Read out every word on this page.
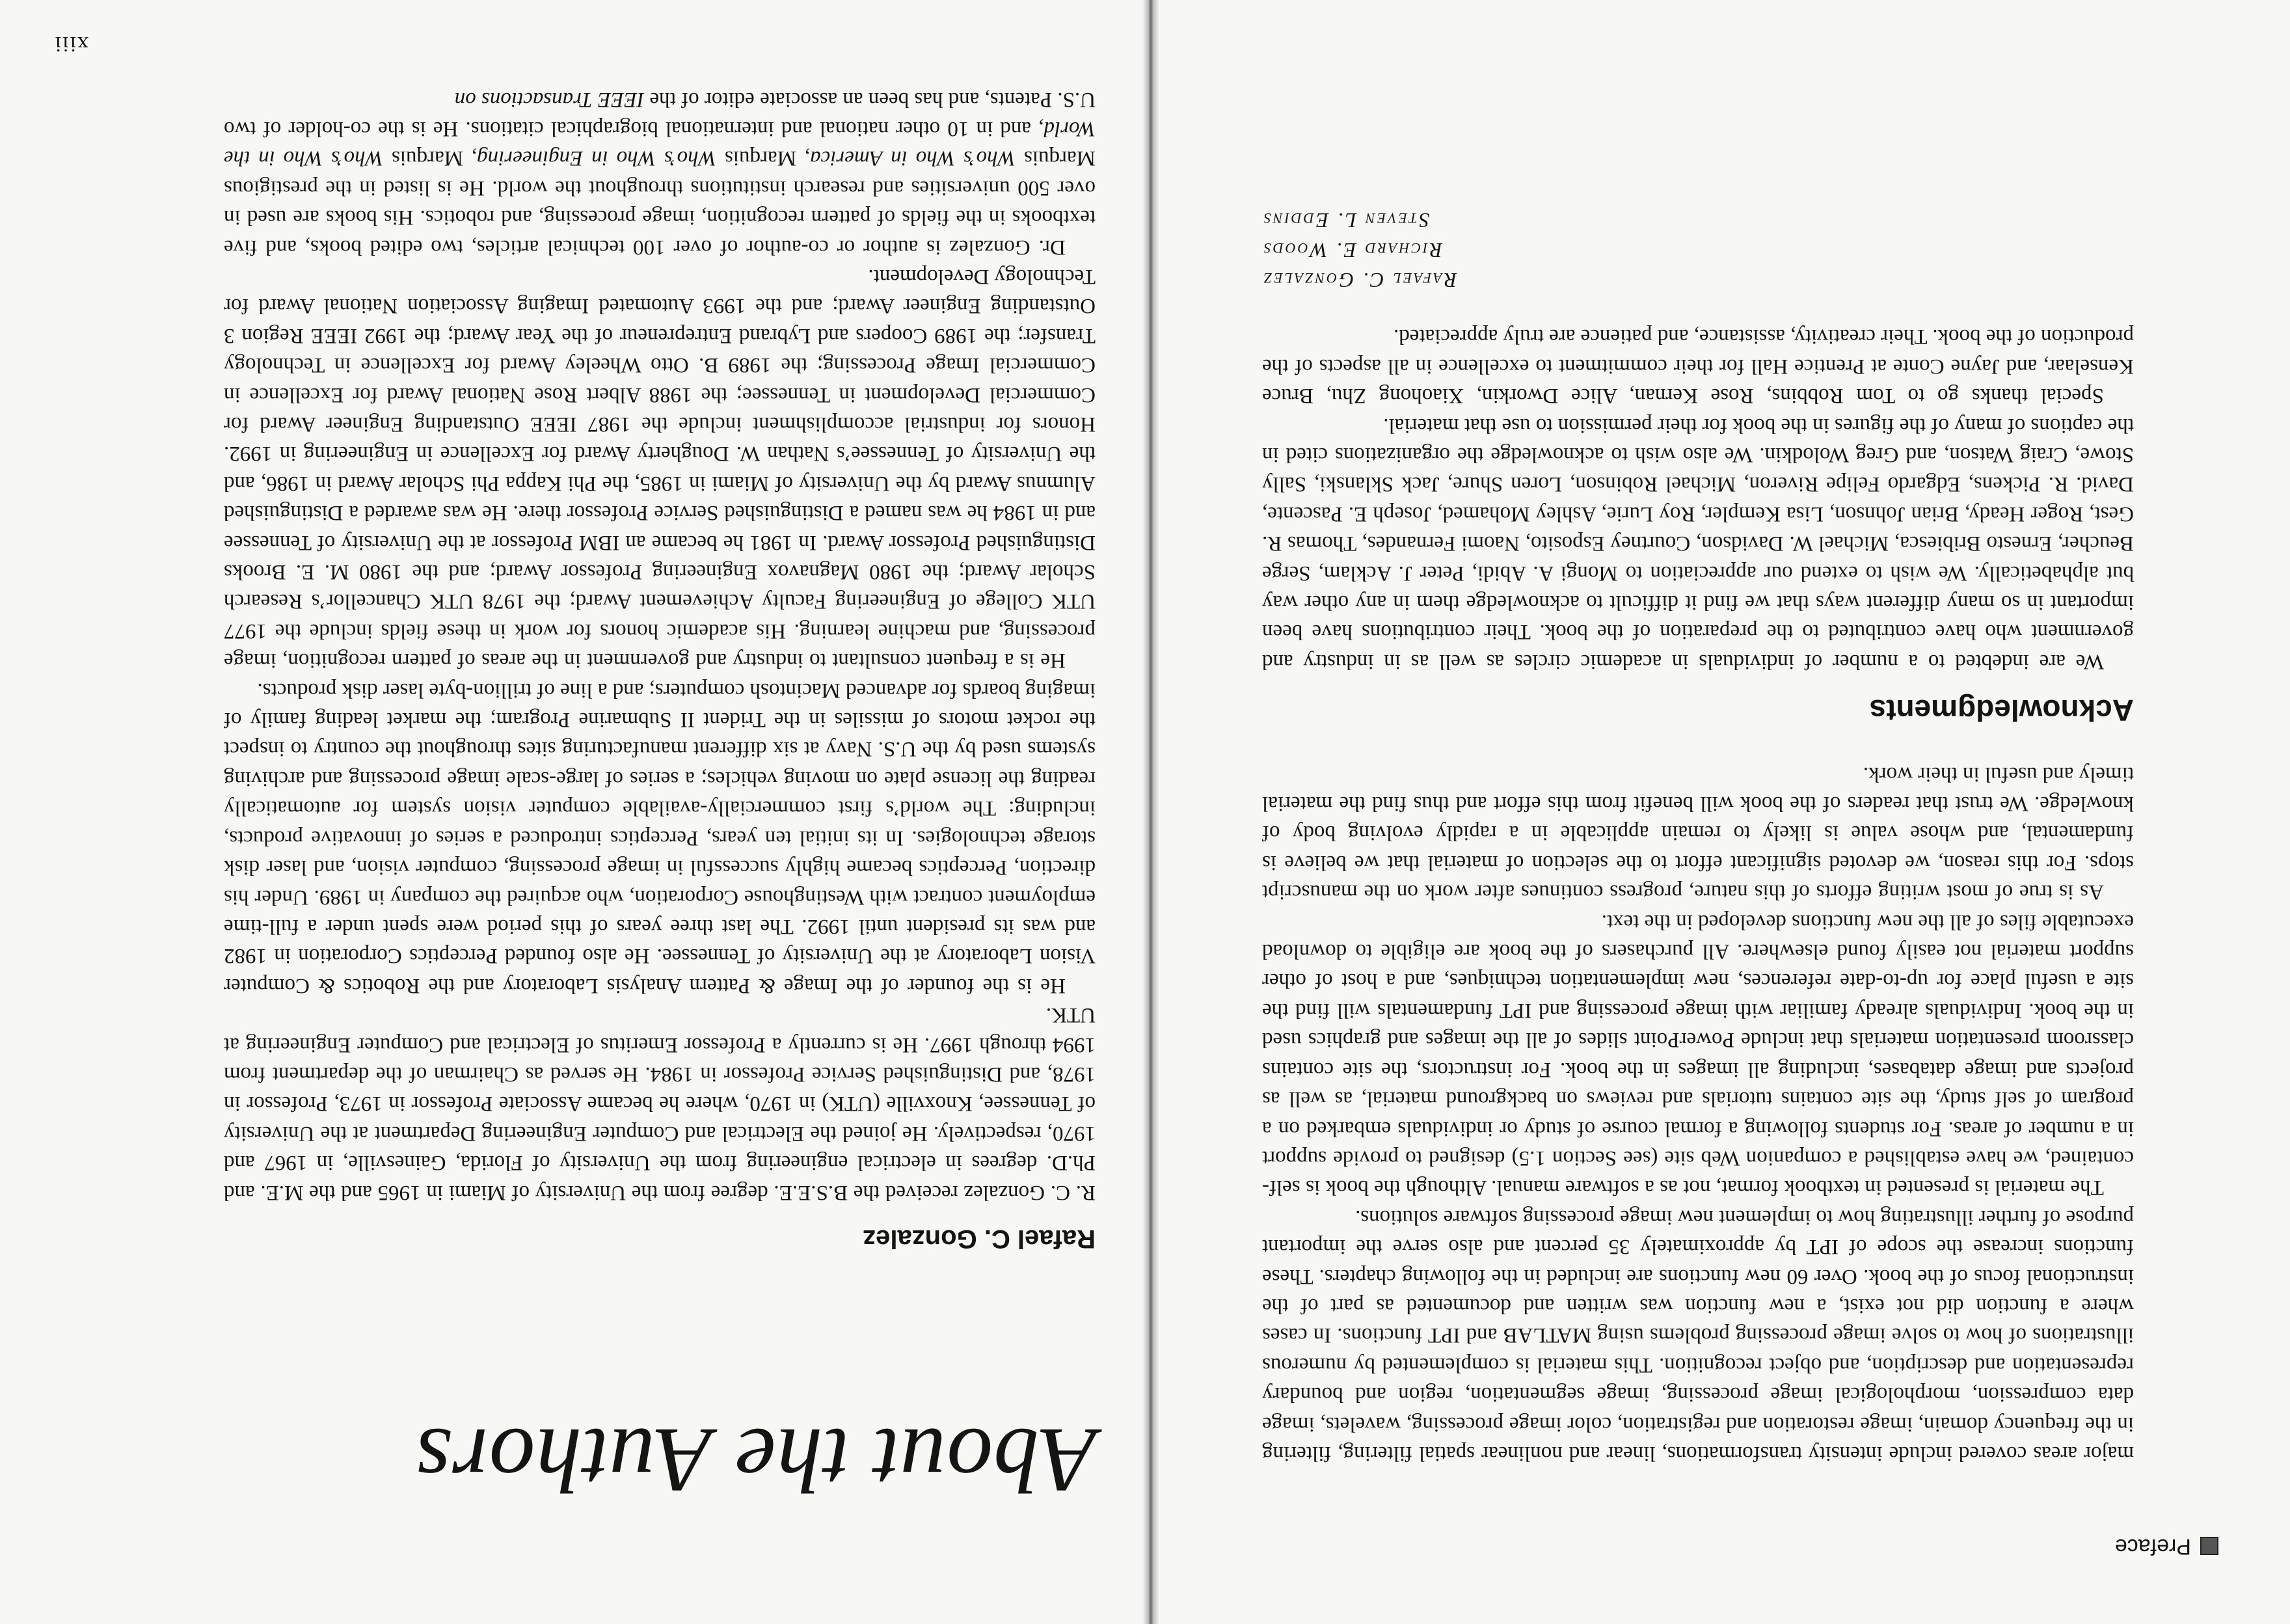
Preface

major areas covered include intensity transformations, linear and nonlinear spatial filtering, filtering in the frequency domain, image restoration and registration, color image processing, wavelets, image data compression, morphological image processing, image segmentation, region and boundary representation and description, and object recognition. This material is complemented by numerous illustrations of how to solve image processing problems using MATLAB and IPT functions. In cases where a function did not exist, a new function was written and documented as part of the instructional focus of the book. Over 60 new functions are included in the following chapters. These functions increase the scope of IPT by approximately 35 percent and also serve the important purpose of further illustrating how to implement new image processing software solutions.

The material is presented in textbook format, not as a software manual. Although the book is self-contained, we have established a companion Web site (see Section 1.5) designed to provide support in a number of areas. For students following a formal course of study or individuals embarked on a program of self study, the site contains tutorials and reviews on background material, as well as projects and image databases, including all images in the book. For instructors, the site contains classroom presentation materials that include PowerPoint slides of all the images and graphics used in the book. Individuals already familiar with image processing and IPT fundamentals will find the site a useful place for up-to-date references, new implementation techniques, and a host of other support material not easily found elsewhere. All purchasers of the book are eligible to download executable files of all the new functions developed in the text.

As is true of most writing efforts of this nature, progress continues after work on the manuscript stops. For this reason, we devoted significant effort to the selection of material that we believe is fundamental, and whose value is likely to remain applicable in a rapidly evolving body of knowledge. We trust that readers of the book will benefit from this effort and thus find the material timely and useful in their work.

Acknowledgments

We are indebted to a number of individuals in academic circles as well as in industry and government who have contributed to the preparation of the book. Their contributions have been important in so many different ways that we find it difficult to acknowledge them in any other way but alphabetically. We wish to extend our appreciation to Mongi A. Abidi, Peter J. Acklam, Serge Beucher, Ernesto Bribiesca, Michael W. Davidson, Courtney Esposito, Naomi Fernandes, Thomas R. Gest, Roger Heady, Brian Johnson, Lisa Kempler, Roy Lurie, Ashley Mohamed, Joseph E. Pascente, David. R. Pickens, Edgardo Felipe Riveron, Michael Robinson, Loren Shure, Jack Sklanski, Sally Stowe, Craig Watson, and Greg Wolodkin. We also wish to acknowledge the organizations cited in the captions of many of the figures in the book for their permission to use that material.

Special thanks go to Tom Robbins, Rose Kernan, Alice Dworkin, Xiaohong Zhu, Bruce Kenselaar, and Jayne Conte at Prentice Hall for their commitment to excellence in all aspects of the production of the book. Their creativity, assistance, and patience are truly appreciated.

Rafael C. Gonzalez
Richard E. Woods
Steven L. Eddins
About the Authors
Rafael C. Gonzalez

R. C. Gonzalez received the B.S.E.E. degree from the University of Miami in 1965 and the M.E. and Ph.D. degrees in electrical engineering from the University of Florida, Gainesville, in 1967 and 1970, respectively. He joined the Electrical and Computer Engineering Department at the University of Tennessee, Knoxville (UTK) in 1970, where he became Associate Professor in 1973, Professor in 1978, and Distinguished Service Professor in 1984. He served as Chairman of the department from 1994 through 1997. He is currently a Professor Emeritus of Electrical and Computer Engineering at UTK.

He is the founder of the Image & Pattern Analysis Laboratory and the Robotics & Computer Vision Laboratory at the University of Tennessee. He also founded Perceptics Corporation in 1982 and was its president until 1992. The last three years of this period were spent under a full-time employment contract with Westinghouse Corporation, who acquired the company in 1989. Under his direction, Perceptics became highly successful in image processing, computer vision, and laser disk storage technologies. In its initial ten years, Perceptics introduced a series of innovative products, including: The world’s first commercially-available computer vision system for automatically reading the license plate on moving vehicles; a series of large-scale image processing and archiving systems used by the U.S. Navy at six different manufacturing sites throughout the country to inspect the rocket motors of missiles in the Trident II Submarine Program; the market leading family of imaging boards for advanced Macintosh computers; and a line of trillion-byte laser disk products.

He is a frequent consultant to industry and government in the areas of pattern recognition, image processing, and machine learning. His academic honors for work in these fields include the 1977 UTK College of Engineering Faculty Achievement Award; the 1978 UTK Chancellor’s Research Scholar Award; the 1980 Magnavox Engineering Professor Award; and the 1980 M. E. Brooks Distinguished Professor Award. In 1981 he became an IBM Professor at the University of Tennessee and in 1984 he was named a Distinguished Service Professor there. He was awarded a Distinguished Alumnus Award by the University of Miami in 1985, the Phi Kappa Phi Scholar Award in 1986, and the University of Tennessee’s Nathan W. Dougherty Award for Excellence in Engineering in 1992. Honors for industrial accomplishment include the 1987 IEEE Outstanding Engineer Award for Commercial Development in Tennessee; the 1988 Albert Rose National Award for Excellence in Commercial Image Processing; the 1989 B. Otto Wheeley Award for Excellence in Technology Transfer; the 1989 Coopers and Lybrand Entrepreneur of the Year Award; the 1992 IEEE Region 3 Outstanding Engineer Award; and the 1993 Automated Imaging Association National Award for Technology Development.

Dr. Gonzalez is author or co-author of over 100 technical articles, two edited books, and five textbooks in the fields of pattern recognition, image processing, and robotics. His books are used in over 500 universities and research institutions throughout the world. He is listed in the prestigious Marquis Who’s Who in America, Marquis Who’s Who in Engineering, Marquis Who’s Who in the World, and in 10 other national and international biographical citations. He is the co-holder of two U.S. Patents, and has been an associate editor of the IEEE Transactions on

xiii
